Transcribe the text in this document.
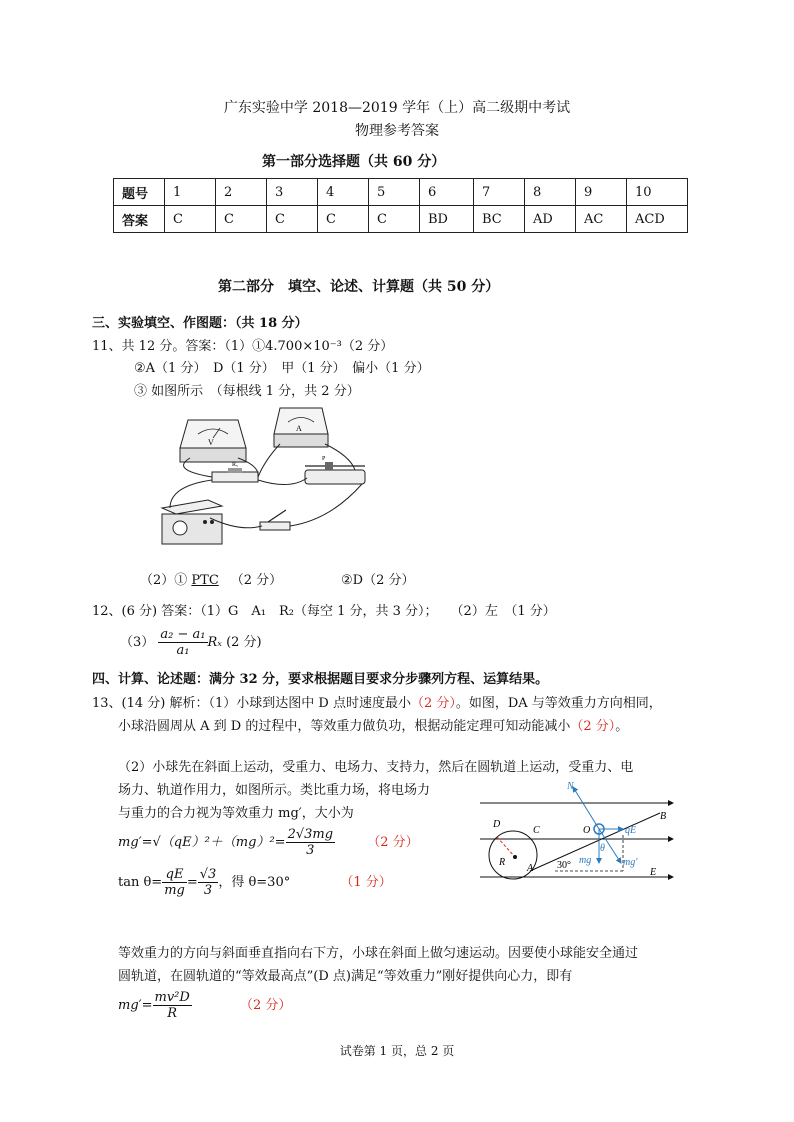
广东实验中学 2018—2019 学年（上）高二级期中考试
物理参考答案
第一部分选择题（共 60 分）
题号	1	2	3	4	5	6	7	8	9	10
答案	C	C	C	C	C	BD	BC	AD	AC	ACD
第二部分　填空、论述、计算题（共 50 分）
三、实验填空、作图题：（共 18 分）
11、共 12 分。答案：（1）①4.700×10⁻³（2 分）
②A（1 分）　D（1 分）　甲（1 分）　偏小（1 分）
③ 如图所示　（每根线 1 分，共 2 分）
V
A
Rₓ
P
（2）① PTC （2 分）	②D（2 分）
12、(6 分) 答案：（1）G　A₁　R₂（每空 1 分，共 3 分）；　　（2）左　（1 分）
$(3) \frac{\text{a₂ − a₁}}{\text{a₁}}$ Rₓ (2 分)
四、计算、论述题：满分 32 分，要求根据题目要求分步骤列方程、运算结果。
13、(14 分) 解析：（1）小球到达图中 D 点时速度最小（2 分）。如图，DA 与等效重力方向相同，
小球沿圆周从 A 到 D 的过程中，等效重力做负功，根据动能定理可知动能减小（2 分）。
（2）小球先在斜面上运动，受重力、电场力、支持力，然后在圆轨道上运动，受重力、电
场力、轨道作用力，如图所示。类比重力场，将电场力
与重力的合力视为等效重力 mg′，大小为
$mg'=√(qE)^2+(mg)^2= \frac{2√3mg}{3} (2$ 分）
$\tan \theta= \frac{qE}{mg} = \frac{√3}{3}$ ，得 θ=30°	（1 分）
N
B
D
C	O	qE
R
A 30°
θ
mg	mg′
E
等效重力的方向与斜面垂直指向右下方，小球在斜面上做匀速运动。因要使小球能安全通过
圆轨道，在圆轨道的“等效最高点”(D 点)满足“等效重力”刚好提供向心力，即有
$mg'= \frac{\text{mv²D}}{R}$	（2 分）
试卷第 1 页，总 2 页
